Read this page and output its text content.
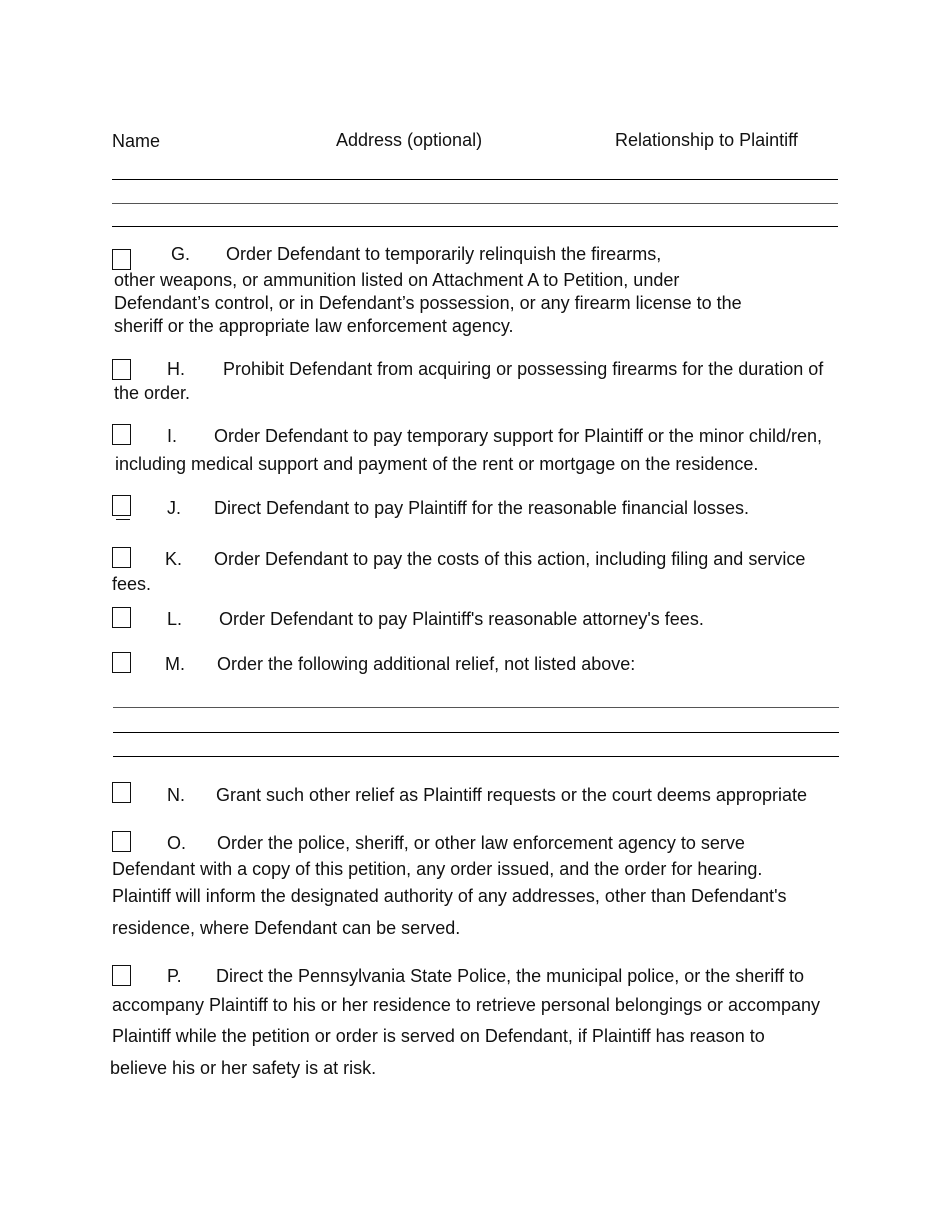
Name	Address (optional)	Relationship to Plaintiff
G. Order Defendant to temporarily relinquish the firearms,
other weapons, or ammunition listed on Attachment A to Petition, under
Defendant’s control, or in Defendant’s possession, or any firearm license to the
sheriff or the appropriate law enforcement agency.
H. Prohibit Defendant from acquiring or possessing firearms for the duration of
the order.
I. Order Defendant to pay temporary support for Plaintiff or the minor child/ren,
including medical support and payment of the rent or mortgage on the residence.
J. Direct Defendant to pay Plaintiff for the reasonable financial losses.
K. Order Defendant to pay the costs of this action, including filing and service
fees.
L. Order Defendant to pay Plaintiff's reasonable attorney's fees.
M. Order the following additional relief, not listed above:
N. Grant such other relief as Plaintiff requests or the court deems appropriate
O. Order the police, sheriff, or other law enforcement agency to serve
Defendant with a copy of this petition, any order issued, and the order for hearing.
Plaintiff will inform the designated authority of any addresses, other than Defendant's
residence, where Defendant can be served.
P. Direct the Pennsylvania State Police, the municipal police, or the sheriff to
accompany Plaintiff to his or her residence to retrieve personal belongings or accompany
Plaintiff while the petition or order is served on Defendant, if Plaintiff has reason to
believe his or her safety is at risk.
